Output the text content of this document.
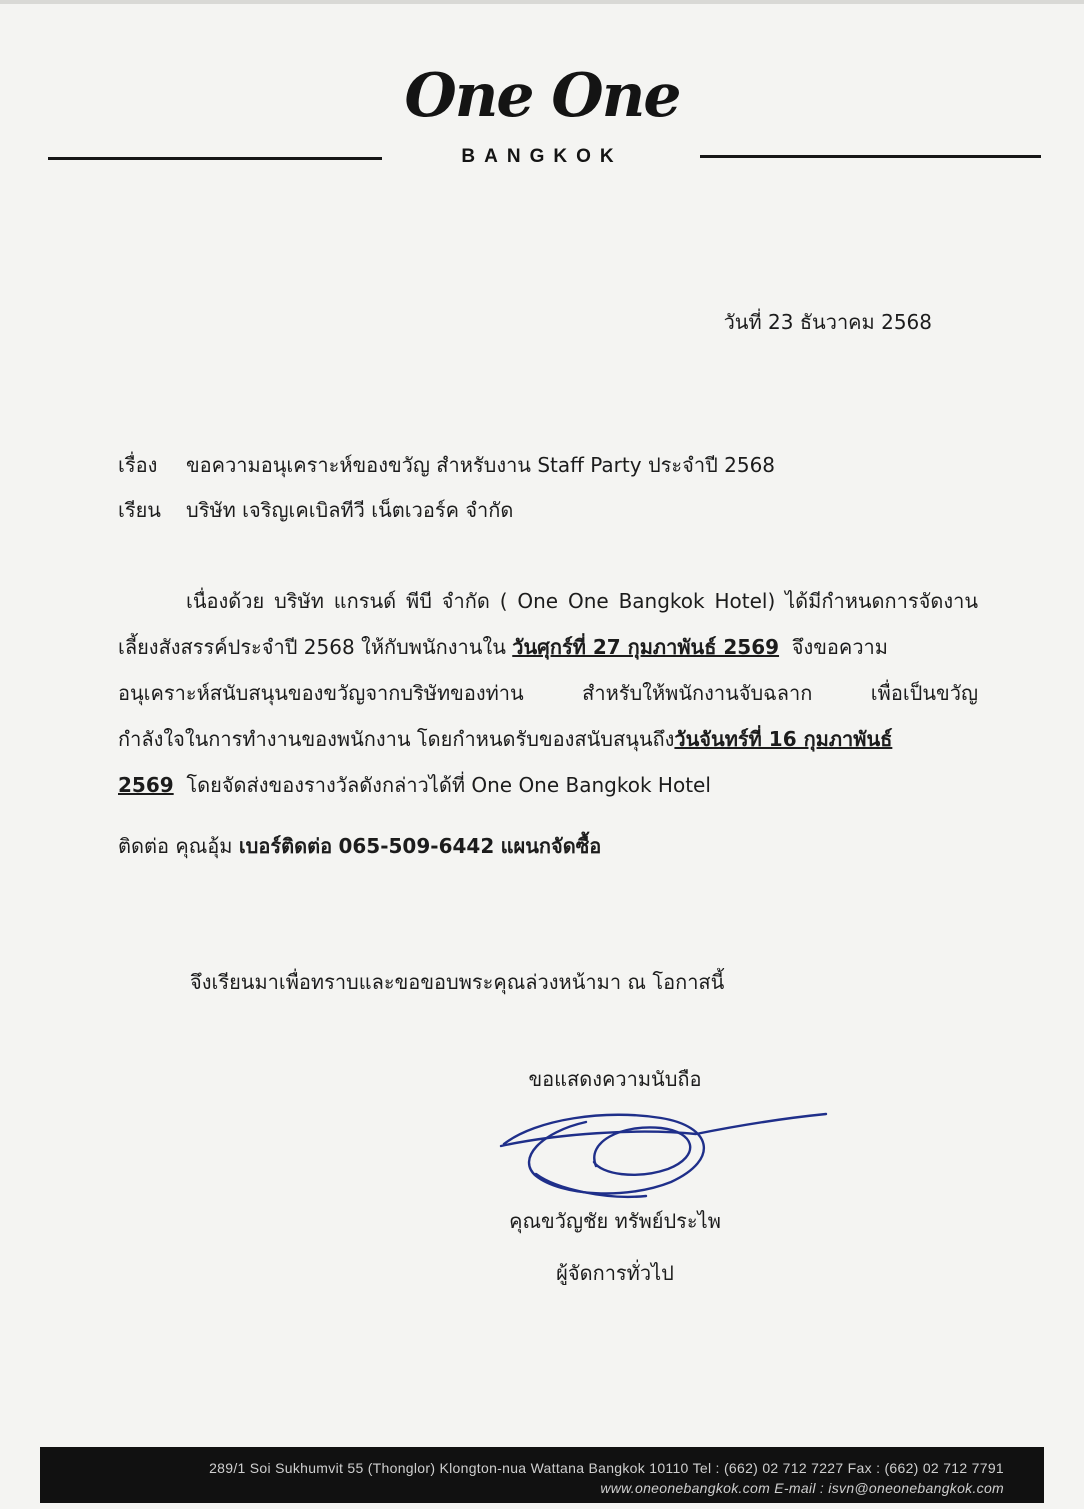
One One
BANGKOK
วันที่ 23 ธันวาคม 2568
เรื่อง ขอความอนุเคราะห์ของขวัญ สำหรับงาน Staff Party ประจำปี 2568
เรียน บริษัท เจริญเคเบิลทีวี เน็ตเวอร์ค จำกัด
เนื่องด้วย บริษัท แกรนด์ พีบี จำกัด ( One One Bangkok Hotel) ได้มีกำหนดการจัดงาน
เลี้ยงสังสรรค์ประจำปี 2568 ให้กับพนักงานใน วันศุกร์ที่ 27 กุมภาพันธ์ 2569 จึงขอความ
อนุเคราะห์สนับสนุนของขวัญจากบริษัทของท่าน สำหรับให้พนักงานจับฉลาก เพื่อเป็นขวัญ
กำลังใจในการทำงานของพนักงาน โดยกำหนดรับของสนับสนุนถึงวันจันทร์ที่ 16 กุมภาพันธ์
2569 โดยจัดส่งของรางวัลดังกล่าวได้ที่ One One Bangkok Hotel
ติดต่อ คุณอุ้ม เบอร์ติดต่อ 065-509-6442 แผนกจัดซื้อ
จึงเรียนมาเพื่อทราบและขอขอบพระคุณล่วงหน้ามา ณ โอกาสนี้
ขอแสดงความนับถือ
คุณขวัญชัย ทรัพย์ประไพ
ผู้จัดการทั่วไป
289/1 Soi Sukhumvit 55 (Thonglor) Klongton-nua Wattana Bangkok 10110 Tel : (662) 02 712 7227 Fax : (662) 02 712 7791
www.oneonebangkok.com E-mail : isvn@oneonebangkok.com
